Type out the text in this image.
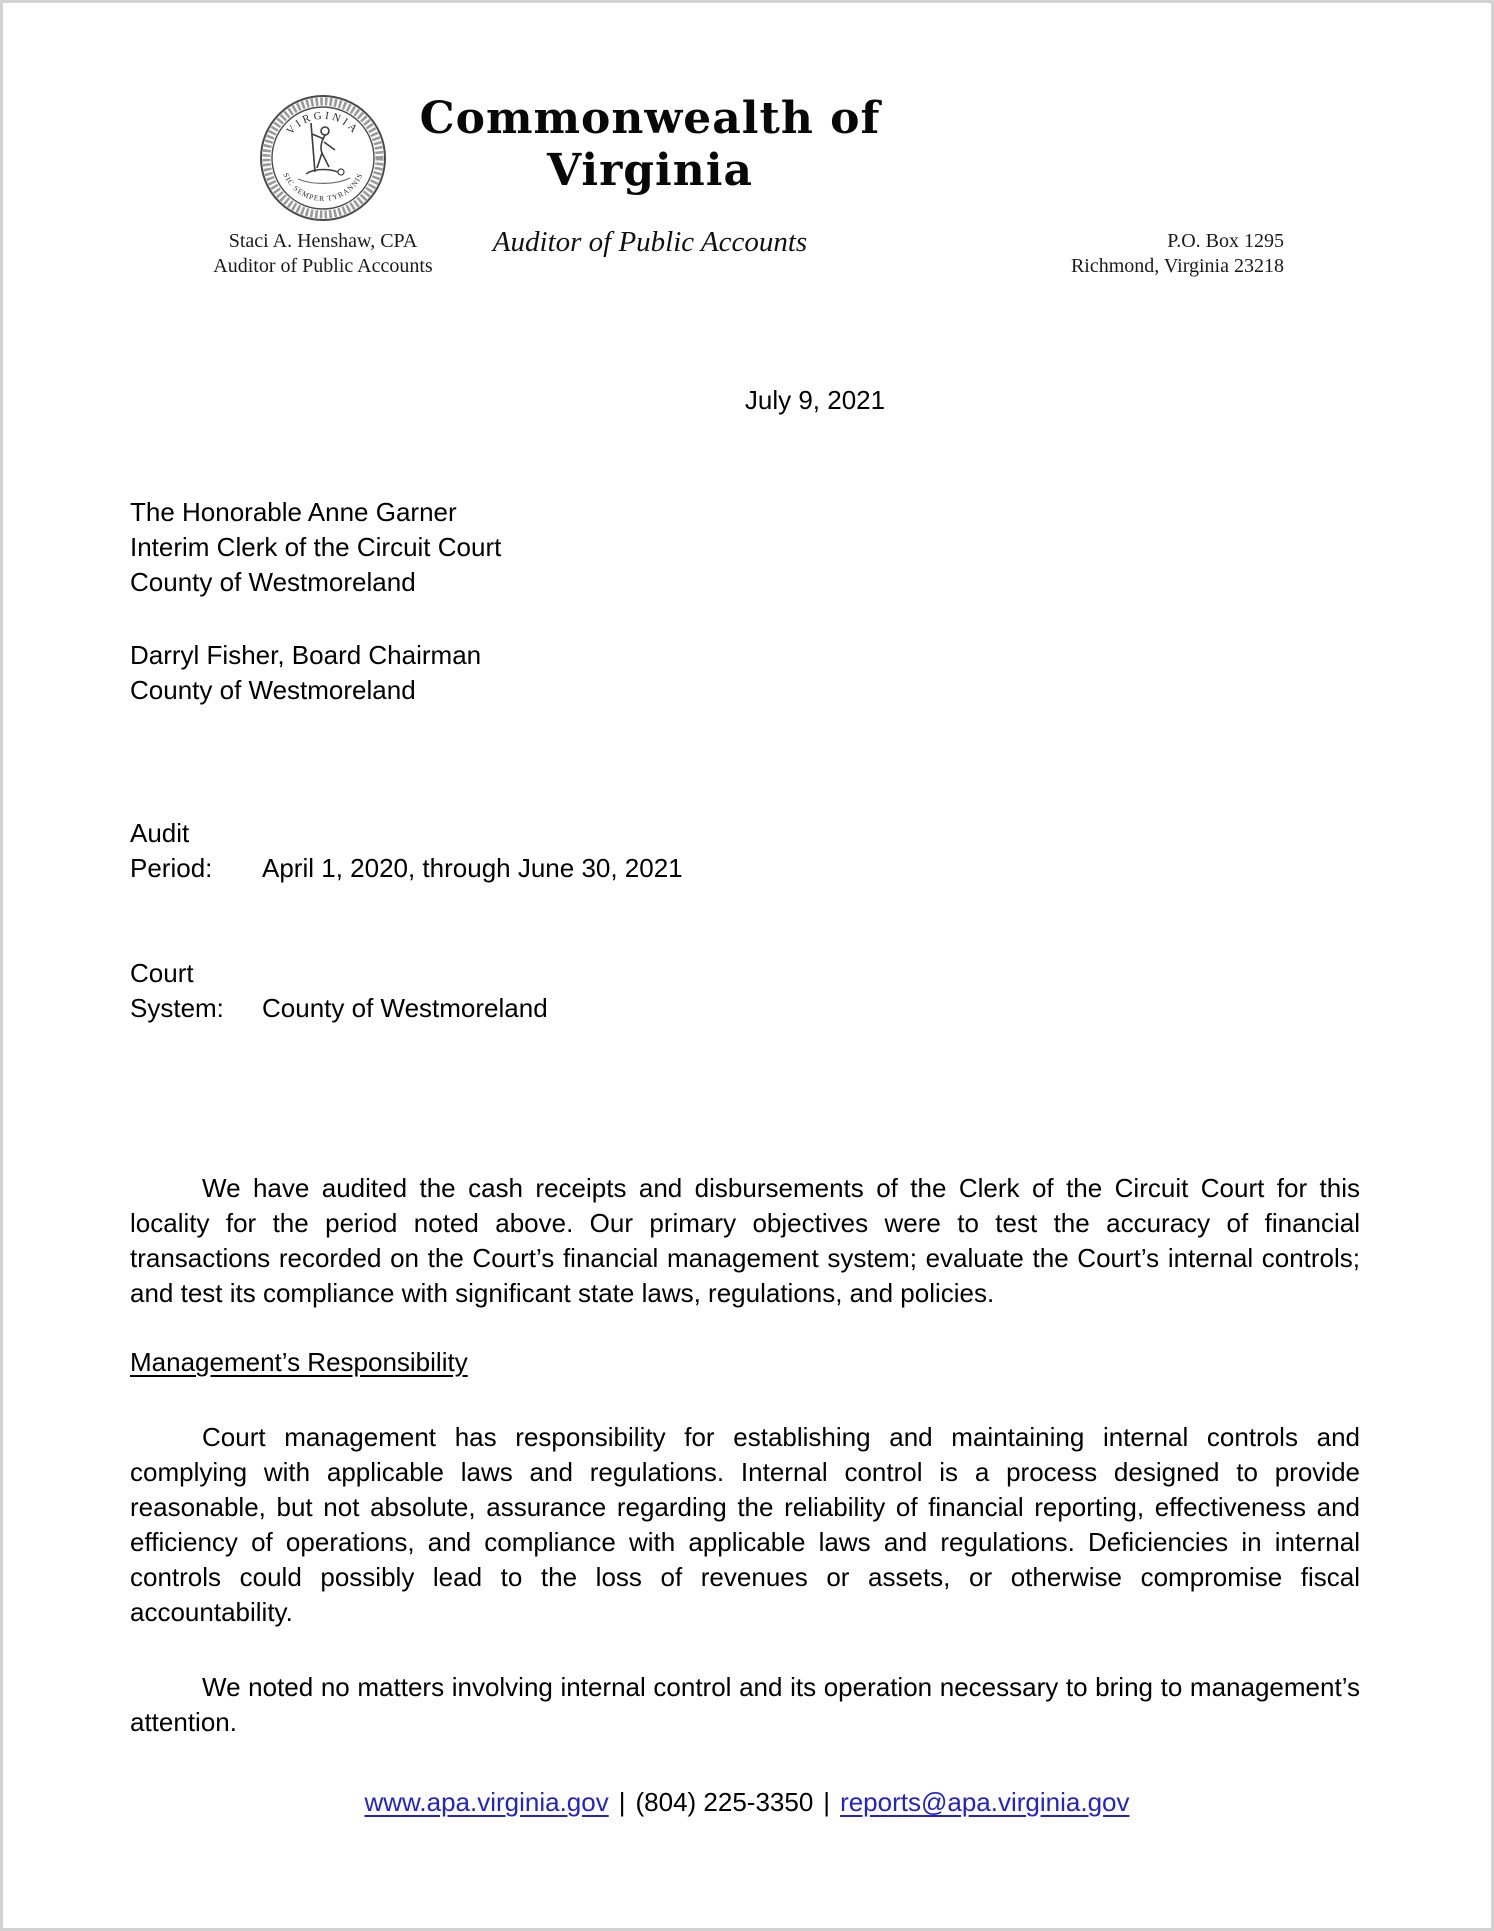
VIRGINIA
SIC SEMPER TYRANNIS
Staci A. Henshaw, CPA
Auditor of Public Accounts
Commonwealth of Virginia
Auditor of Public Accounts	P.O. Box 1295
Richmond, Virginia 23218
July 9, 2021
The Honorable Anne Garner
Interim Clerk of the Circuit Court
County of Westmoreland
Darryl Fisher, Board Chairman
County of Westmoreland

Audit Period: April 1, 2020, through June 30, 2021

Court System: County of Westmoreland

We have audited the cash receipts and disbursements of the Clerk of the Circuit Court for this locality for the period noted above. Our primary objectives were to test the accuracy of financial transactions recorded on the Court’s financial management system; evaluate the Court’s internal controls; and test its compliance with significant state laws, regulations, and policies.

Management’s Responsibility

Court management has responsibility for establishing and maintaining internal controls and complying with applicable laws and regulations. Internal control is a process designed to provide reasonable, but not absolute, assurance regarding the reliability of financial reporting, effectiveness and efficiency of operations, and compliance with applicable laws and regulations. Deficiencies in internal controls could possibly lead to the loss of revenues or assets, or otherwise compromise fiscal accountability.

We noted no matters involving internal control and its operation necessary to bring to management’s attention.

www.apa.virginia.gov | (804) 225-3350 | reports@apa.virginia.gov
